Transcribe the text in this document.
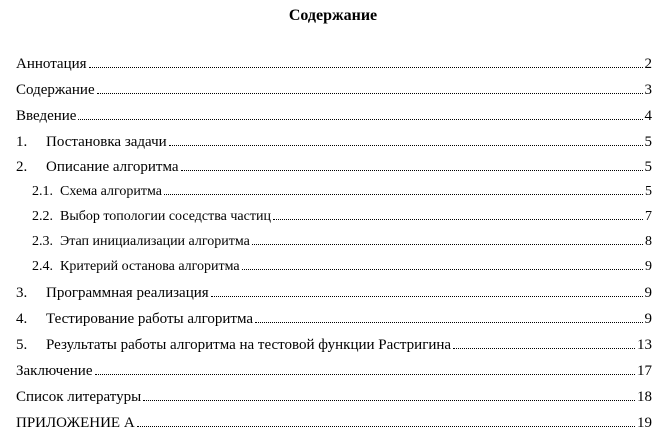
Содержание
Аннотация	2
Содержание	3
Введение	4
1.	Постановка задачи	5
2.	Описание алгоритма	5
2.1. Схема алгоритма	5
2.2. Выбор топологии соседства частиц	7
2.3. Этап инициализации алгоритма	8
2.4. Критерий останова алгоритма	9
3.	Программная реализация	9
4.	Тестирование работы алгоритма	9
5.	Результаты работы алгоритма на тестовой функции Растригина	13
Заключение	17
Список литературы	18
ПРИЛОЖЕНИЕ А	19
